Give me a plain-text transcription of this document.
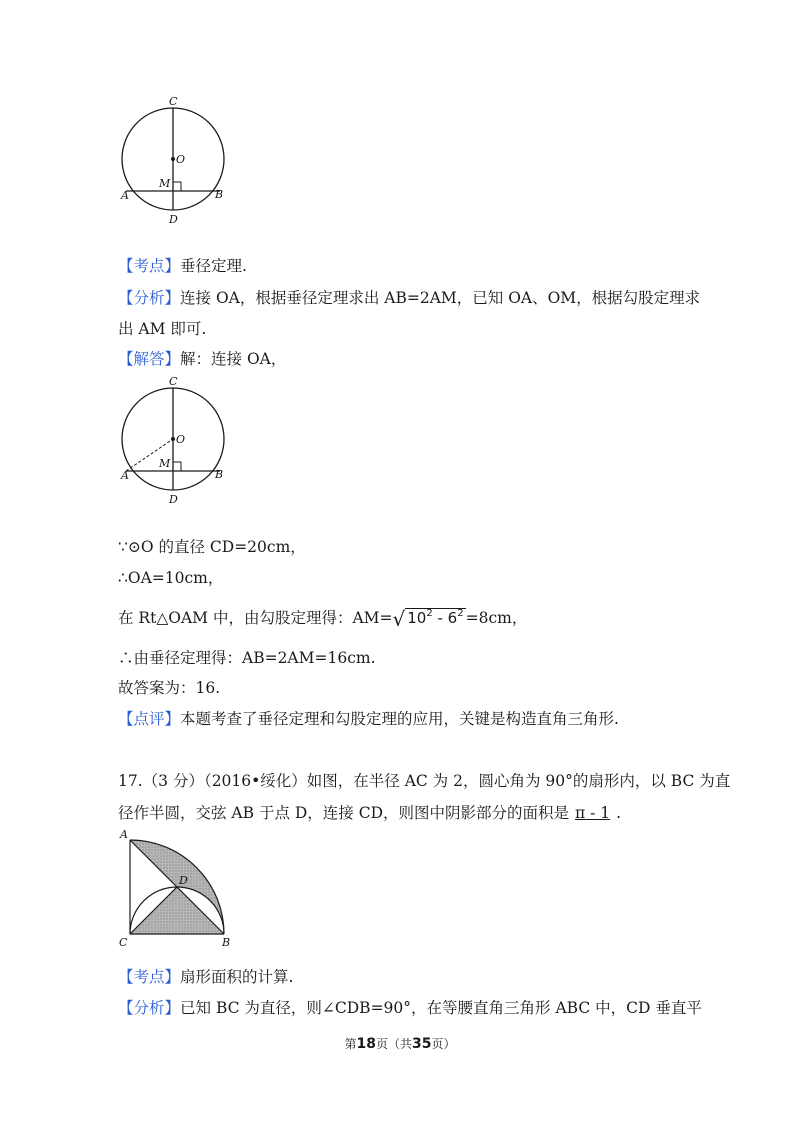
C
O
M
A	B
D
【考点】垂径定理.
【分析】连接 OA，根据垂径定理求出 AB=2AM，已知 OA、OM，根据勾股定理求
出 AM 即可.
【解答】解：连接 OA，
C
O
M
A	B
D
∵⊙O 的直径 CD=20cm，
∴OA=10cm，
在 Rt△OAM 中，由勾股定理得：AM=√ $10^2 - 6^2 =8cm$，
∴由垂径定理得：AB=2AM=16cm.
故答案为：16.
【点评】本题考查了垂径定理和勾股定理的应用，关键是构造直角三角形.
17.（3 分）（2016•绥化）如图，在半径 AC 为 2，圆心角为 90°的扇形内，以 BC 为直
径作半圆，交弦 AB 于点 D，连接 CD，则图中阴影部分的面积是 π - 1 .
A
D
C	B
【考点】扇形面积的计算.
【分析】已知 BC 为直径，则∠CDB=90°，在等腰直角三角形 ABC 中，CD 垂直平
第18页（共35页）
